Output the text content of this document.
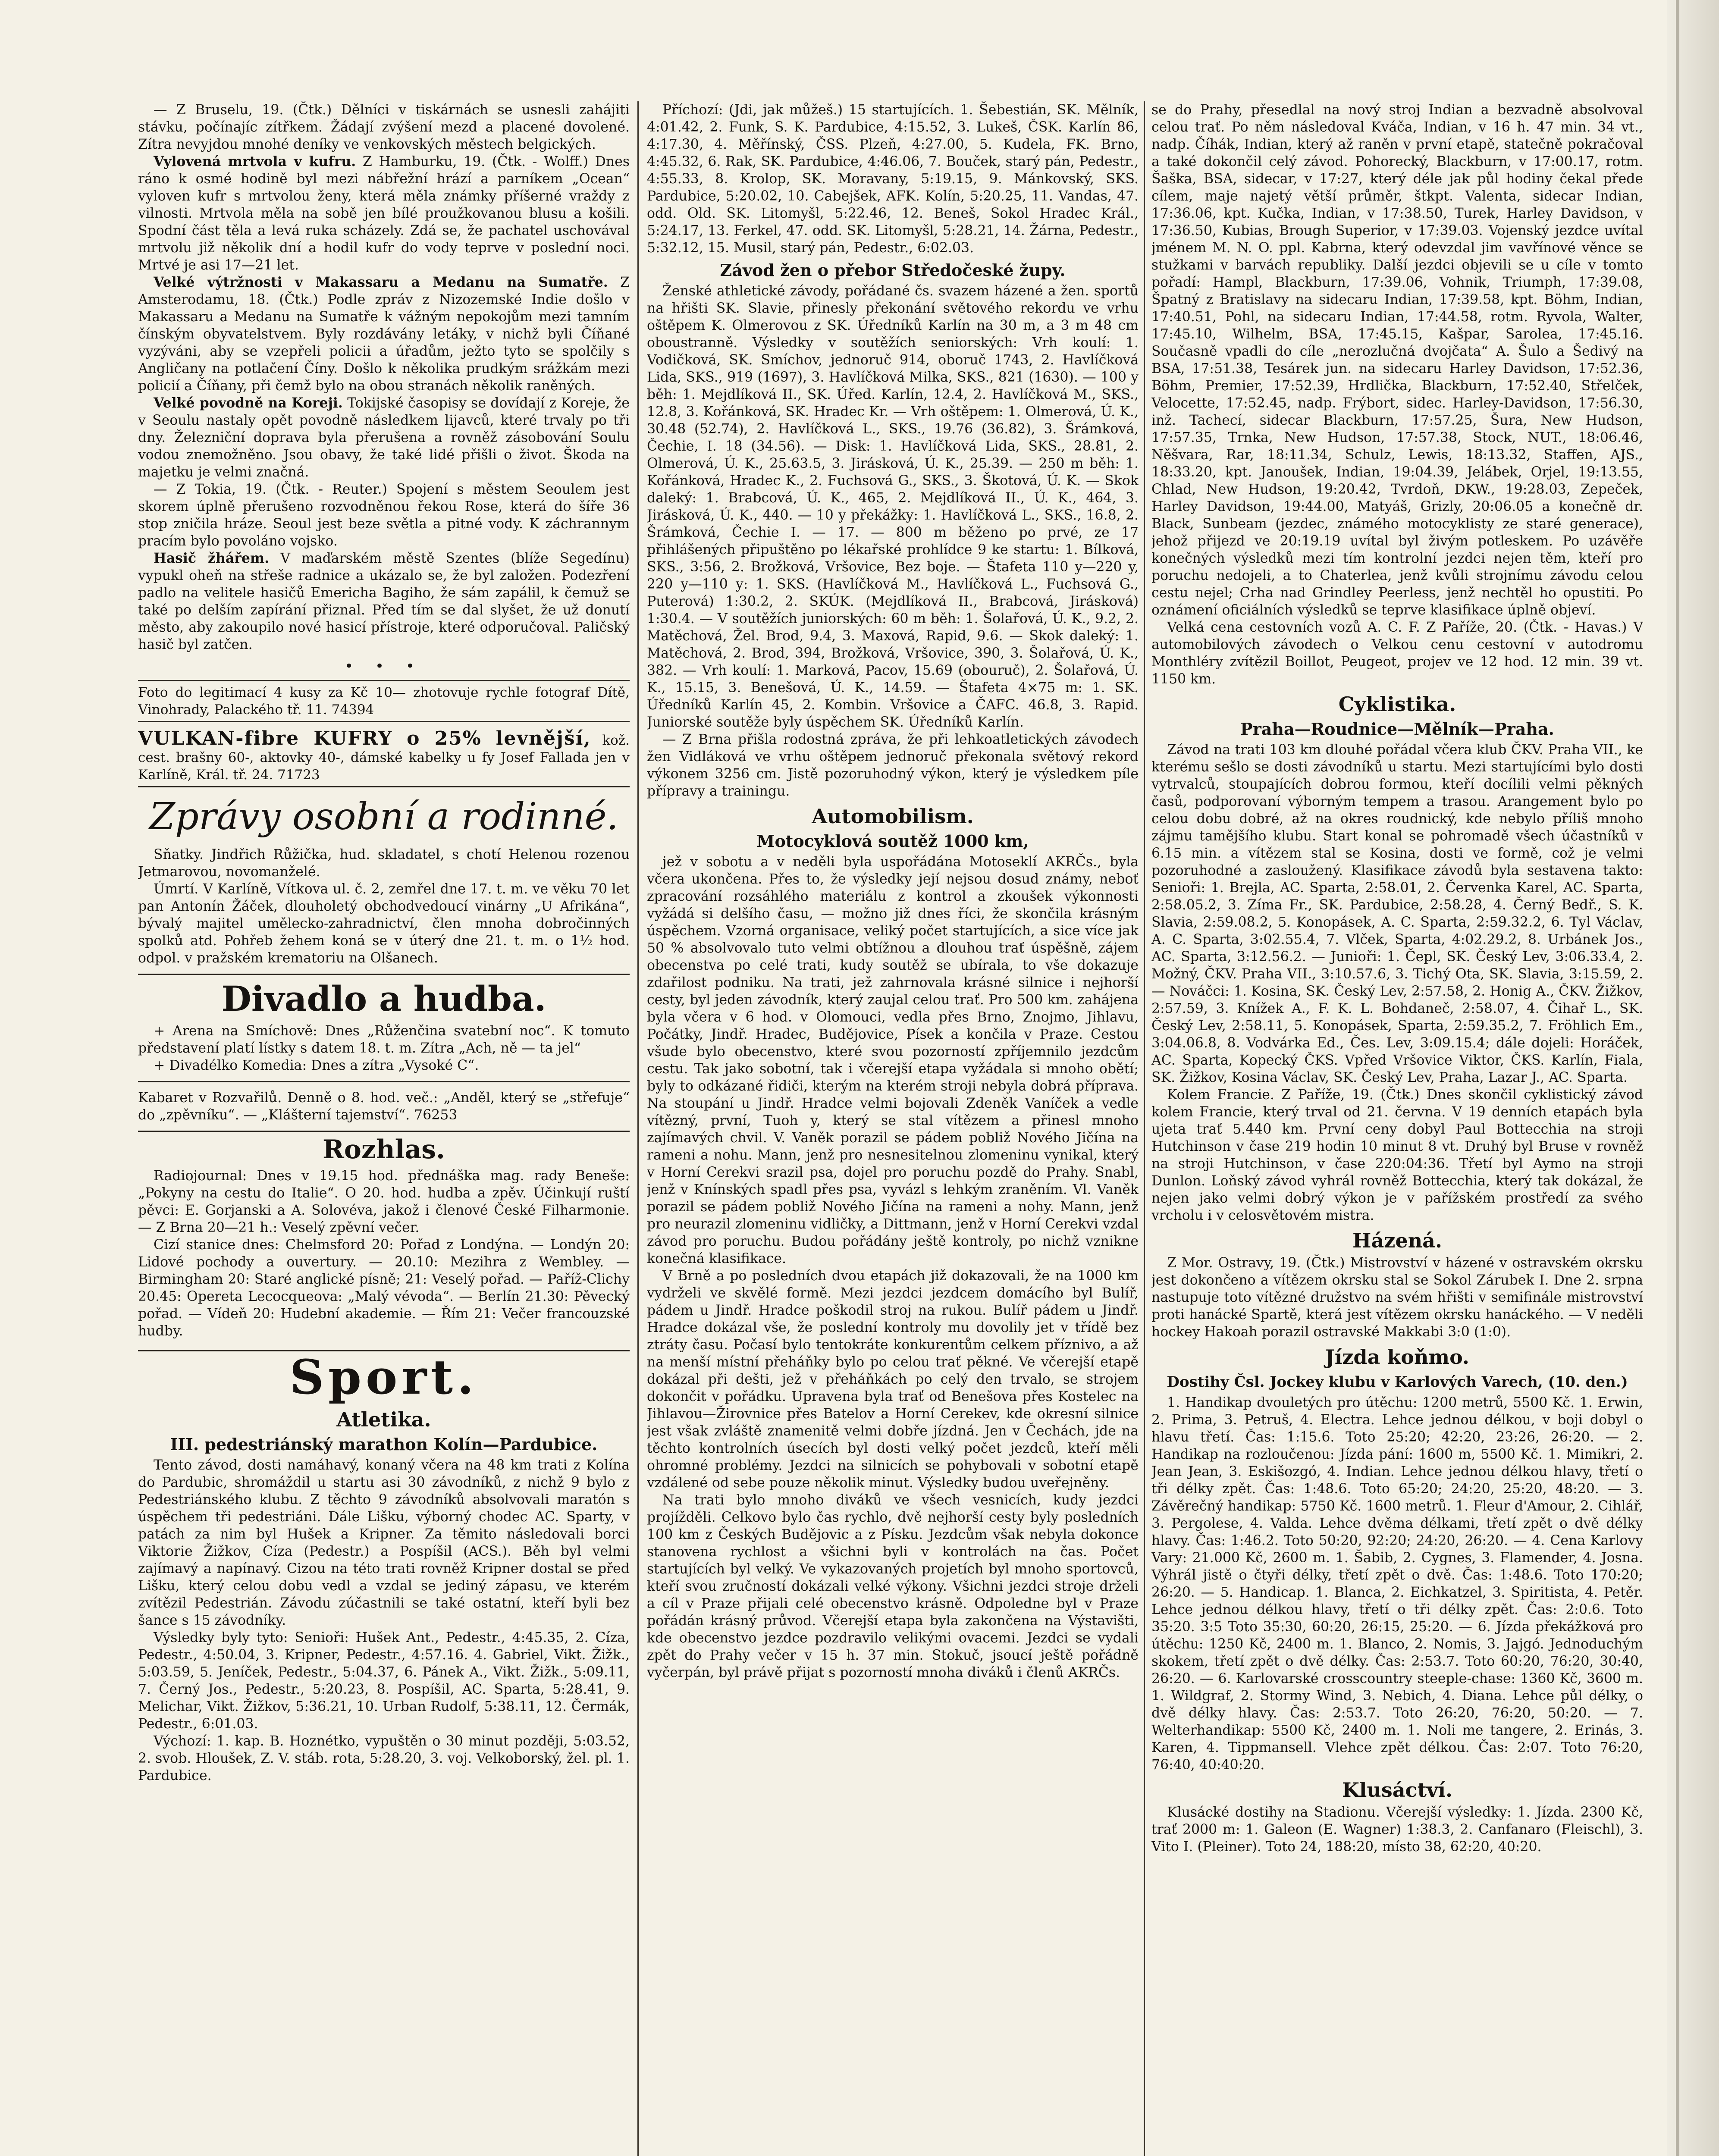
— Z Bruselu, 19. (Čtk.) Dělníci v tiskárnách se usnesli zahájiti stávku, počínajíc zítřkem. Žádají zvýšení mezd a placené dovolené. Zítra nevyjdou mnohé deníky ve venkovských městech belgických.

Vylovená mrtvola v kufru. Z Hamburku, 19. (Čtk. - Wolff.) Dnes ráno k osmé hodině byl mezi nábřežní hrází a parníkem „Ocean“ vyloven kufr s mrtvolou ženy, která měla známky příšerné vraždy z vilnosti. Mrtvola měla na sobě jen bílé proužkovanou blusu a košili. Spodní část těla a levá ruka scházely. Zdá se, že pachatel uschovával mrtvolu již několik dní a hodil kufr do vody teprve v poslední noci. Mrtvé je asi 17—21 let.

Velké výtržnosti v Makassaru a Medanu na Sumatře. Z Amsterodamu, 18. (Čtk.) Podle zpráv z Nizozemské Indie došlo v Makassaru a Medanu na Sumatře k vážným nepokojům mezi tamním čínským obyvatelstvem. Byly rozdávány letáky, v nichž byli Číňané vyzýváni, aby se vzepřeli policii a úřadům, ježto tyto se spolčily s Angličany na potlačení Číny. Došlo k několika prudkým srážkám mezi policií a Číňany, při čemž bylo na obou stranách několik raněných.

Velké povodně na Koreji. Tokijské časopisy se dovídají z Koreje, že v Seoulu nastaly opět povodně následkem lijavců, které trvaly po tři dny. Železniční doprava byla přerušena a rovněž zásobování Soulu vodou znemožněno. Jsou obavy, že také lidé přišli o život. Škoda na majetku je velmi značná.

— Z Tokia, 19. (Čtk. - Reuter.) Spojení s městem Seoulem jest skorem úplně přerušeno rozvodněnou řekou Rose, která do šíře 36 stop zničila hráze. Seoul jest beze světla a pitné vody. K záchrannym pracím bylo povoláno vojsko.

Hasič žhářem. V maďarském městě Szentes (blíže Segedínu) vypukl oheň na střeše radnice a ukázalo se, že byl založen. Podezření padlo na velitele hasičů Emericha Bagiho, že sám zapálil, k čemuž se také po delším zapírání přiznal. Před tím se dal slyšet, že už donutí město, aby zakoupilo nové hasicí přístroje, které odporučoval. Paličský hasič byl zatčen.

• • •
Foto do legitimací 4 kusy za Kč 10— zhotovuje rychle fotograf Dítě, Vinohrady, Palackého tř. 11. 74394
VULKAN-fibre KUFRY o 25% levnější, kož. cest. brašny 60-, aktovky 40-, dámské kabelky u fy Josef Fallada jen v Karlíně, Král. tř. 24. 71723
Zprávy osobní a rodinné.

Sňatky. Jindřich Růžička, hud. skladatel, s chotí Helenou rozenou Jetmarovou, novomanželé.

Úmrtí. V Karlíně, Vítkova ul. č. 2, zemřel dne 17. t. m. ve věku 70 let pan Antonín Žáček, dlouholetý obchodvedoucí vinárny „U Afrikána“, bývalý majitel umělecko-zahradnictví, člen mnoha dobročinných spolků atd. Pohřeb žehem koná se v úterý dne 21. t. m. o 1½ hod. odpol. v pražském krematoriu na Olšanech.

Divadlo a hudba.

+ Arena na Smíchově: Dnes „Růženčina svatební noc“. K tomuto představení platí lístky s datem 18. t. m. Zítra „Ach, ně — ta jel“

+ Divadélko Komedia: Dnes a zítra „Vysoké C“.

Kabaret v Rozvařilů. Denně o 8. hod. več.: „Anděl, který se „střefuje“ do „zpěvníku“. — „Klášterní tajemství“. 76253

Rozhlas.

Radiojournal: Dnes v 19.15 hod. přednáška mag. rady Beneše: „Pokyny na cestu do Italie“. O 20. hod. hudba a zpěv. Účinkují ruští pěvci: E. Gorjanski a A. Solovéva, jakož i členové České Filharmonie. — Z Brna 20—21 h.: Veselý zpěvní večer.

Cizí stanice dnes: Chelmsford 20: Pořad z Londýna. — Londýn 20: Lidové pochody a ouvertury. — 20.10: Mezihra z Wembley. — Birmingham 20: Staré anglické písně; 21: Veselý pořad. — Paříž-Clichy 20.45: Opereta Lecocqueova: „Malý vévoda“. — Berlín 21.30: Pěvecký pořad. — Vídeň 20: Hudební akademie. — Řím 21: Večer francouzské hudby.

Sport.
Atletika.
III. pedestriánský marathon Kolín—Pardubice.

Tento závod, dosti namáhavý, konaný včera na 48 km trati z Kolína do Pardubic, shromáždil u startu asi 30 závodníků, z nichž 9 bylo z Pedestriánského klubu. Z těchto 9 závodníků absolvovali maratón s úspěchem tři pedestriáni. Dále Lišku, výborný chodec AC. Sparty, v patách za nim byl Hušek a Kripner. Za těmito následovali borci Viktorie Žižkov, Cíza (Pedestr.) a Pospíšil (ACS.). Běh byl velmi zajímavý a napínavý. Cizou na této trati rovněž Kripner dostal se před Lišku, který celou dobu vedl a vzdal se jediný zápasu, ve kterém zvítězil Pedestrián. Závodu zúčastnili se také ostatní, kteří byli bez šance s 15 závodníky.

Výsledky byly tyto: Senioři: Hušek Ant., Pedestr., 4:45.35, 2. Cíza, Pedestr., 4:50.04, 3. Kripner, Pedestr., 4:57.16. 4. Gabriel, Vikt. Žižk., 5:03.59, 5. Jeníček, Pedestr., 5:04.37, 6. Pánek A., Vikt. Žižk., 5:09.11, 7. Černý Jos., Pedestr., 5:20.23, 8. Pospíšil, AC. Sparta, 5:28.41, 9. Melichar, Vikt. Žižkov, 5:36.21, 10. Urban Rudolf, 5:38.11, 12. Čermák, Pedestr., 6:01.03.

Výchozí: 1. kap. B. Hoznétko, vypuštěn o 30 minut později, 5:03.52, 2. svob. Hloušek, Z. V. stáb. rota, 5:28.20, 3. voj. Velkoborský, žel. pl. 1. Pardubice.

Příchozí: (Jdi, jak můžeš.) 15 startujících. 1. Šebestián, SK. Mělník, 4:01.42, 2. Funk, S. K. Pardubice, 4:15.52, 3. Lukeš, ČSK. Karlín 86, 4:17.30, 4. Měřínský, ČSS. Plzeň, 4:27.00, 5. Kudela, FK. Brno, 4:45.32, 6. Rak, SK. Pardubice, 4:46.06, 7. Bouček, starý pán, Pedestr., 4:55.33, 8. Krolop, SK. Moravany, 5:19.15, 9. Mánkovský, SKS. Pardubice, 5:20.02, 10. Cabejšek, AFK. Kolín, 5:20.25, 11. Vandas, 47. odd. Old. SK. Litomyšl, 5:22.46, 12. Beneš, Sokol Hradec Král., 5:24.17, 13. Ferkel, 47. odd. SK. Litomyšl, 5:28.21, 14. Žárna, Pedestr., 5:32.12, 15. Musil, starý pán, Pedestr., 6:02.03.

Závod žen o přebor Středočeské župy.

Ženské athletické závody, pořádané čs. svazem házené a žen. sportů na hřišti SK. Slavie, přinesly překonání světového rekordu ve vrhu oštěpem K. Olmerovou z SK. Úředníků Karlín na 30 m, a 3 m 48 cm oboustranně. Výsledky v soutěžích seniorských: Vrh koulí: 1. Vodičková, SK. Smíchov, jednoruč 914, oboruč 1743, 2. Havlíčková Lida, SKS., 919 (1697), 3. Havlíčková Milka, SKS., 821 (1630). — 100 y běh: 1. Mejdlíková II., SK. Úřed. Karlín, 12.4, 2. Havlíčková M., SKS., 12.8, 3. Kořánková, SK. Hradec Kr. — Vrh oštěpem: 1. Olmerová, Ú. K., 30.48 (52.74), 2. Havlíčková L., SKS., 19.76 (36.82), 3. Šrámková, Čechie, I. 18 (34.56). — Disk: 1. Havlíčková Lida, SKS., 28.81, 2. Olmerová, Ú. K., 25.63.5, 3. Jirásková, Ú. K., 25.39. — 250 m běh: 1. Kořánková, Hradec K., 2. Fuchsová G., SKS., 3. Škotová, Ú. K. — Skok daleký: 1. Brabcová, Ú. K., 465, 2. Mejdlíková II., Ú. K., 464, 3. Jirásková, Ú. K., 440. — 10 y překážky: 1. Havlíčková L., SKS., 16.8, 2. Šrámková, Čechie I. — 17. — 800 m běženo po prvé, ze 17 přihlášených připuštěno po lékařské prohlídce 9 ke startu: 1. Bílková, SKS., 3:56, 2. Brožková, Vršovice, Bez boje. — Štafeta 110 y—220 y, 220 y—110 y: 1. SKS. (Havlíčková M., Havlíčková L., Fuchsová G., Puterová) 1:30.2, 2. SKÚK. (Mejdlíková II., Brabcová, Jirásková) 1:30.4. — V soutěžích juniorských: 60 m běh: 1. Šolařová, Ú. K., 9.2, 2. Matěchová, Žel. Brod, 9.4, 3. Maxová, Rapid, 9.6. — Skok daleký: 1. Matěchová, 2. Brod, 394, Brožková, Vršovice, 390, 3. Šolařová, Ú. K., 382. — Vrh koulí: 1. Marková, Pacov, 15.69 (obouruč), 2. Šolařová, Ú. K., 15.15, 3. Benešová, Ú. K., 14.59. — Štafeta 4×75 m: 1. SK. Úředníků Karlín 45, 2. Kombin. Vršovice a ČAFC. 46.8, 3. Rapid. Juniorské soutěže byly úspěchem SK. Úředníků Karlín.

— Z Brna přišla rodostná zpráva, že při lehkoatletických závodech žen Vidláková ve vrhu oštěpem jednoruč překonala světový rekord výkonem 3256 cm. Jistě pozoruhodný výkon, který je výsledkem píle přípravy a trainingu.

Automobilism.
Motocyklová soutěž 1000 km,

jež v sobotu a v neděli byla uspořádána Motoseklí AKRČs., byla včera ukončena. Přes to, že výsledky její nejsou dosud známy, neboť zpracování rozsáhlého materiálu z kontrol a zkoušek výkonnosti vyžádá si delšího času, — možno již dnes říci, že skončila krásným úspěchem. Vzorná organisace, veliký počet startujících, a sice více jak 50 % absolvovalo tuto velmi obtížnou a dlouhou trať úspěšně, zájem obecenstva po celé trati, kudy soutěž se ubírala, to vše dokazuje zdařilost podniku. Na trati, jež zahrnovala krásné silnice i nejhorší cesty, byl jeden závodník, který zaujal celou trať. Pro 500 km. zahájena byla včera v 6 hod. v Olomouci, vedla přes Brno, Znojmo, Jihlavu, Počátky, Jindř. Hradec, Budějovice, Písek a končila v Praze. Cestou všude bylo obecenstvo, které svou pozorností zpříjemnilo jezdcům cestu. Tak jako sobotní, tak i včerejší etapa vyžádala si mnoho obětí; byly to odkázané řidiči, kterým na kterém stroji nebyla dobrá příprava. Na stoupání u Jindř. Hradce velmi bojovali Zdeněk Vaníček a vedle vítězný, první, Tuoh y, který se stal vítězem a přinesl mnoho zajímavých chvil. V. Vaněk porazil se pádem pobliž Nového Jičína na rameni a nohu. Mann, jenž pro nesnesitelnou zlomeninu vynikal, který v Horní Cerekvi srazil psa, dojel pro poruchu pozdě do Prahy. Snabl, jenž v Knínských spadl přes psa, vyvázl s lehkým zraněním. Vl. Vaněk porazil se pádem pobliž Nového Jičína na rameni a nohy. Mann, jenž pro neurazil zlomeninu vidličky, a Dittmann, jenž v Horní Cerekvi vzdal závod pro poruchu. Budou pořádány ještě kontroly, po nichž vznikne konečná klasifikace.

V Brně a po posledních dvou etapách již dokazovali, že na 1000 km vydrželi ve skvělé formě. Mezi jezdci jezdcem domácího byl Bulíř, pádem u Jindř. Hradce poškodil stroj na rukou. Bulíř pádem u Jindř. Hradce dokázal vše, že poslední kontroly mu dovolily jet v třídě bez ztráty času. Počasí bylo tentokráte konkurentům celkem příznivo, a až na menší místní přeháňky bylo po celou trať pěkné. Ve včerejší etapě dokázal při dešti, jež v přeháňkách po celý den trvalo, se strojem dokončit v pořádku. Upravena byla trať od Benešova přes Kostelec na Jihlavou—Žirovnice přes Batelov a Horní Cerekev, kde okresní silnice jest však zvláště znamenitě velmi dobře jízdná. Jen v Čechách, jde na těchto kontrolních úsecích byl dosti velký počet jezdců, kteří měli ohromné problémy. Jezdci na silnicích se pohybovali v sobotní etapě vzdálené od sebe pouze několik minut. Výsledky budou uveřejněny.

Na trati bylo mnoho diváků ve všech vesnicích, kudy jezdci projížděli. Celkovo bylo čas rychlo, dvě nejhorší cesty byly posledních 100 km z Českých Budějovic a z Písku. Jezdcům však nebyla dokonce stanovena rychlost a všichni byli v kontrolách na čas. Počet startujících byl velký. Ve vykazovaných projetích byl mnoho sportovců, kteří svou zručností dokázali velké výkony. Všichni jezdci stroje drželi a cíl v Praze přijali celé obecenstvo krásně. Odpoledne byl v Praze pořádán krásný průvod. Včerejší etapa byla zakončena na Výstavišti, kde obecenstvo jezdce pozdravilo velikými ovacemi. Jezdci se vydali zpět do Prahy večer v 15 h. 37 min. Stokuč, jsoucí ještě pořádně vyčerpán, byl právě přijat s pozorností mnoha diváků i členů AKRČs.

se do Prahy, přesedlal na nový stroj Indian a bezvadně absolvoval celou trať. Po něm následoval Kváča, Indian, v 16 h. 47 min. 34 vt., nadp. Číhák, Indian, který až raněn v první etapě, statečně pokračoval a také dokončil celý závod. Pohorecký, Blackburn, v 17:00.17, rotm. Šaška, BSA, sidecar, v 17:27, který déle jak půl hodiny čekal přede cílem, maje najetý větší průměr, štkpt. Valenta, sidecar Indian, 17:36.06, kpt. Kučka, Indian, v 17:38.50, Turek, Harley Davidson, v 17:36.50, Kubias, Brough Superior, v 17:39.03. Vojenský jezdce uvítal jménem M. N. O. ppl. Kabrna, který odevzdal jim vavřínové věnce se stužkami v barvách republiky. Další jezdci objevili se u cíle v tomto pořadí: Hampl, Blackburn, 17:39.06, Vohnik, Triumph, 17:39.08, Špatný z Bratislavy na sidecaru Indian, 17:39.58, kpt. Böhm, Indian, 17:40.51, Pohl, na sidecaru Indian, 17:44.58, rotm. Ryvola, Walter, 17:45.10, Wilhelm, BSA, 17:45.15, Kašpar, Sarolea, 17:45.16. Současně vpadli do cíle „nerozlučná dvojčata“ A. Šulo a Šedivý na BSA, 17:51.38, Tesárek jun. na sidecaru Harley Davidson, 17:52.36, Böhm, Premier, 17:52.39, Hrdlička, Blackburn, 17:52.40, Střelček, Velocette, 17:52.45, nadp. Frýbort, sidec. Harley-Davidson, 17:56.30, inž. Tachecí, sidecar Blackburn, 17:57.25, Šura, New Hudson, 17:57.35, Trnka, New Hudson, 17:57.38, Stock, NUT., 18:06.46, Něšvara, Rar, 18:11.34, Schulz, Lewis, 18:13.32, Staffen, AJS., 18:33.20, kpt. Janoušek, Indian, 19:04.39, Jelábek, Orjel, 19:13.55, Chlad, New Hudson, 19:20.42, Tvrdoň, DKW., 19:28.03, Zepeček, Harley Davidson, 19:44.00, Matyáš, Grizly, 20:06.05 a konečně dr. Black, Sunbeam (jezdec, známého motocyklisty ze staré generace), jehož přijezd ve 20:19.19 uvítal byl živým potleskem. Po uzávěře konečných výsledků mezi tím kontrolní jezdci nejen těm, kteří pro poruchu nedojeli, a to Chaterlea, jenž kvůli strojnímu závodu celou cestu nejel; Crha nad Grindley Peerless, jenž nechtěl ho opustiti. Po oznámení oficiálních výsledků se teprve klasifikace úplně objeví.

Velká cena cestovních vozů A. C. F. Z Paříže, 20. (Čtk. - Havas.) V automobilových závodech o Velkou cenu cestovní v autodromu Monthléry zvítězil Boillot, Peugeot, projev ve 12 hod. 12 min. 39 vt. 1150 km.

Cyklistika.
Praha—Roudnice—Mělník—Praha.

Závod na trati 103 km dlouhé pořádal včera klub ČKV. Praha VII., ke kterému sešlo se dosti závodníků u startu. Mezi startujícími bylo dosti vytrvalců, stoupajících dobrou formou, kteří docílili velmi pěkných časů, podporovaní výborným tempem a trasou. Arangement bylo po celou dobu dobré, až na okres roudnický, kde nebylo příliš mnoho zájmu tamějšího klubu. Start konal se pohromadě všech účastníků v 6.15 min. a vítězem stal se Kosina, dosti ve formě, což je velmi pozoruhodné a zasloužený. Klasifikace závodů byla sestavena takto: Senioři: 1. Brejla, AC. Sparta, 2:58.01, 2. Červenka Karel, AC. Sparta, 2:58.05.2, 3. Zíma Fr., SK. Pardubice, 2:58.28, 4. Černý Bedř., S. K. Slavia, 2:59.08.2, 5. Konopásek, A. C. Sparta, 2:59.32.2, 6. Tyl Václav, A. C. Sparta, 3:02.55.4, 7. Vlček, Sparta, 4:02.29.2, 8. Urbánek Jos., AC. Sparta, 3:12.56.2. — Junioři: 1. Čepl, SK. Český Lev, 3:06.33.4, 2. Možný, ČKV. Praha VII., 3:10.57.6, 3. Tichý Ota, SK. Slavia, 3:15.59, 2. — Nováčci: 1. Kosina, SK. Český Lev, 2:57.58, 2. Honig A., ČKV. Žižkov, 2:57.59, 3. Knížek A., F. K. L. Bohdaneč, 2:58.07, 4. Čihař L., SK. Český Lev, 2:58.11, 5. Konopásek, Sparta, 2:59.35.2, 7. Fröhlich Em., 3:04.06.8, 8. Vodvárka Ed., Čes. Lev, 3:09.15.4; dále dojeli: Horáček, AC. Sparta, Kopecký ČKS. Vpřed Vršovice Viktor, ČKS. Karlín, Fiala, SK. Žižkov, Kosina Václav, SK. Český Lev, Praha, Lazar J., AC. Sparta.

Kolem Francie. Z Paříže, 19. (Čtk.) Dnes skončil cyklistický závod kolem Francie, který trval od 21. června. V 19 denních etapách byla ujeta trať 5.440 km. První ceny dobyl Paul Bottecchia na stroji Hutchinson v čase 219 hodin 10 minut 8 vt. Druhý byl Bruse v rovněž na stroji Hutchinson, v čase 220:04:36. Třetí byl Aymo na stroji Dunlon. Loňský závod vyhrál rovněž Bottecchia, který tak dokázal, že nejen jako velmi dobrý výkon je v pařížském prostředí za svého vrcholu i v celosvětovém mistra.

Házená.

Z Mor. Ostravy, 19. (Čtk.) Mistrovství v házené v ostravském okrsku jest dokončeno a vítězem okrsku stal se Sokol Zárubek I. Dne 2. srpna nastupuje toto vítězné družstvo na svém hřišti v semifinále mistrovství proti hanácké Spartě, která jest vítězem okrsku hanáckého. — V neděli hockey Hakoah porazil ostravské Makkabi 3:0 (1:0).

Jízda koňmo.
Dostihy Čsl. Jockey klubu v Karlových Varech, (10. den.)

1. Handikap dvouletých pro útěchu: 1200 metrů, 5500 Kč. 1. Erwin, 2. Prima, 3. Petruš, 4. Electra. Lehce jednou délkou, v boji dobyl o hlavu třetí. Čas: 1:15.6. Toto 25:20; 42:20, 23:26, 26:20. — 2. Handikap na rozloučenou: Jízda pání: 1600 m, 5500 Kč. 1. Mimikri, 2. Jean Jean, 3. Eskišozgó, 4. Indian. Lehce jednou délkou hlavy, třetí o tři délky zpět. Čas: 1:48.6. Toto 65:20; 24:20, 25:20, 48:20. — 3. Závěrečný handikap: 5750 Kč. 1600 metrů. 1. Fleur d'Amour, 2. Cihlář, 3. Pergolese, 4. Valda. Lehce dvěma délkami, třetí zpět o dvě délky hlavy. Čas: 1:46.2. Toto 50:20, 92:20; 24:20, 26:20. — 4. Cena Karlovy Vary: 21.000 Kč, 2600 m. 1. Šabib, 2. Cygnes, 3. Flamender, 4. Josna. Výhrál jistě o čtyři délky, třetí zpět o dvě. Čas: 1:48.6. Toto 170:20; 26:20. — 5. Handicap. 1. Blanca, 2. Eichkatzel, 3. Spiritista, 4. Petěr. Lehce jednou délkou hlavy, třetí o tři délky zpět. Čas: 2:0.6. Toto 35:20. 3:5 Toto 35:30, 60:20, 26:15, 25:20. — 6. Jízda překážková pro útěchu: 1250 Kč, 2400 m. 1. Blanco, 2. Nomis, 3. Jajgó. Jednoduchým skokem, třetí zpět o dvě délky. Čas: 2:53.7. Toto 60:20, 76:20, 30:40, 26:20. — 6. Karlovarské crosscountry steeple-chase: 1360 Kč, 3600 m. 1. Wildgraf, 2. Stormy Wind, 3. Nebich, 4. Diana. Lehce půl délky, o dvě délky hlavy. Čas: 2:53.7. Toto 26:20, 76:20, 50:20. — 7. Welterhandikap: 5500 Kč, 2400 m. 1. Noli me tangere, 2. Erinás, 3. Karen, 4. Tippmansell. Vlehce zpět délkou. Čas: 2:07. Toto 76:20, 76:40, 40:40:20.

Klusáctví.

Klusácké dostihy na Stadionu. Včerejší výsledky: 1. Jízda. 2300 Kč, trať 2000 m: 1. Galeon (E. Wagner) 1:38.3, 2. Canfanaro (Fleischl), 3. Vito I. (Pleiner). Toto 24, 188:20, místo 38, 62:20, 40:20.
